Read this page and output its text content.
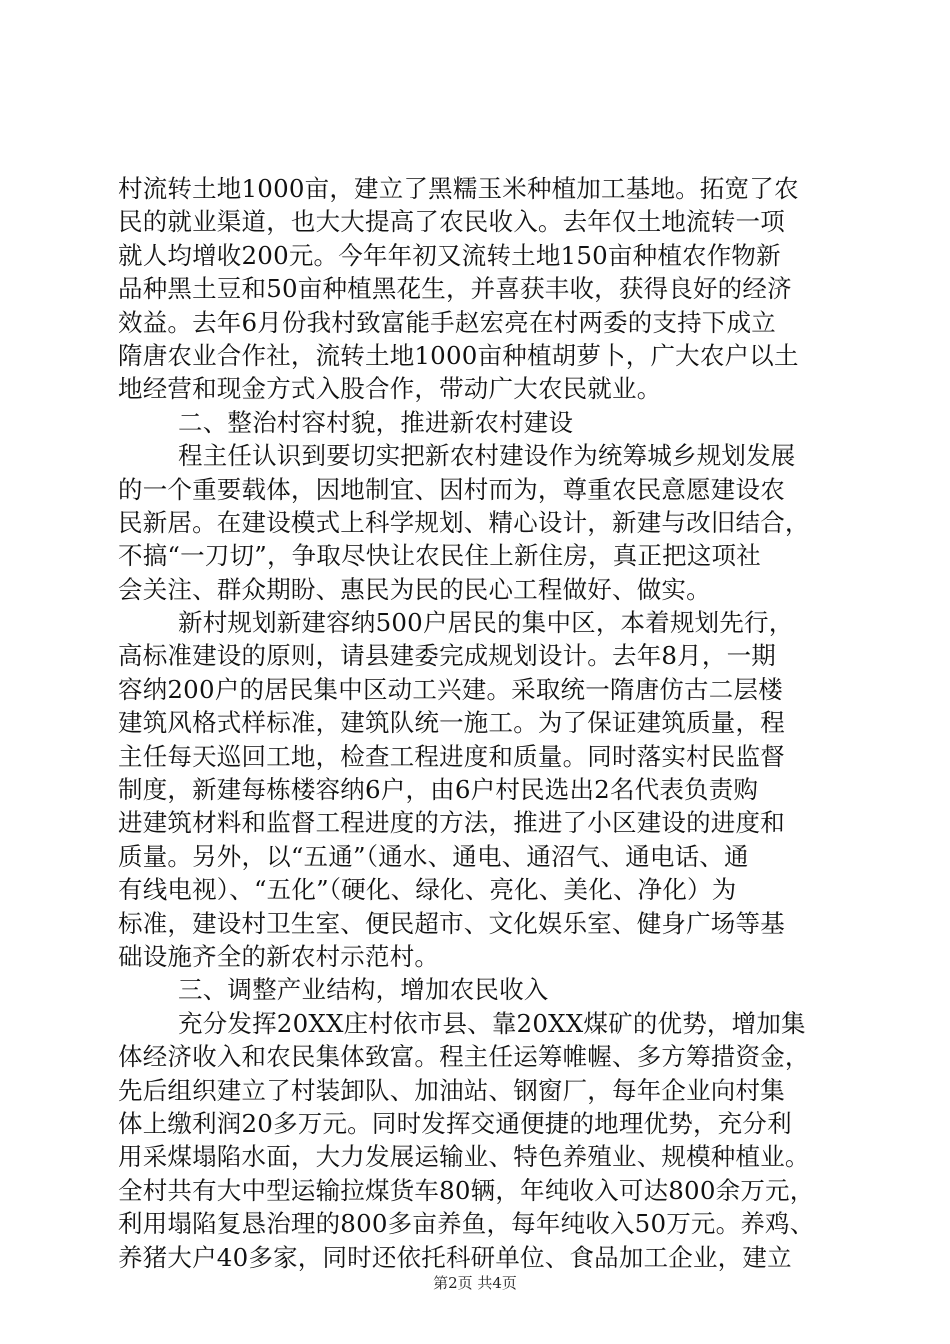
村流转土地1000亩，建立了黑糯玉米种植加工基地。拓宽了农
民的就业渠道，也大大提高了农民收入。去年仅土地流转一项
就人均增收200元。今年年初又流转土地150亩种植农作物新
品种黑土豆和50亩种植黑花生，并喜获丰收，获得良好的经济
效益。去年6月份我村致富能手赵宏亮在村两委的支持下成立
隋唐农业合作社，流转土地1000亩种植胡萝卜，广大农户以土
地经营和现金方式入股合作，带动广大农民就业。
二、整治村容村貌，推进新农村建设
程主任认识到要切实把新农村建设作为统筹城乡规划发展
的一个重要载体，因地制宜、因村而为，尊重农民意愿建设农
民新居。在建设模式上科学规划、精心设计，新建与改旧结合，
不搞“一刀切”，争取尽快让农民住上新住房，真正把这项社
会关注、群众期盼、惠民为民的民心工程做好、做实。
新村规划新建容纳500户居民的集中区，本着规划先行，
高标准建设的原则，请县建委完成规划设计。去年8月，一期
容纳200户的居民集中区动工兴建。采取统一隋唐仿古二层楼
建筑风格式样标准，建筑队统一施工。为了保证建筑质量，程
主任每天巡回工地，检查工程进度和质量。同时落实村民监督
制度，新建每栋楼容纳6户，由6户村民选出2名代表负责购
进建筑材料和监督工程进度的方法，推进了小区建设的进度和
质量。另外，以“五通”（通水、通电、通沼气、通电话、通
有线电视）、“五化”（硬化、绿化、亮化、美化、净化）为
标准，建设村卫生室、便民超市、文化娱乐室、健身广场等基
础设施齐全的新农村示范村。
三、调整产业结构，增加农民收入
充分发挥20XX庄村依市县、靠20XX煤矿的优势，增加集
体经济收入和农民集体致富。程主任运筹帷幄、多方筹措资金，
先后组织建立了村装卸队、加油站、钢窗厂，每年企业向村集
体上缴利润20多万元。同时发挥交通便捷的地理优势，充分利
用采煤塌陷水面，大力发展运输业、特色养殖业、规模种植业。
全村共有大中型运输拉煤货车80辆，年纯收入可达800余万元，
利用塌陷复恳治理的800多亩养鱼，每年纯收入50万元。养鸡、
养猪大户40多家，同时还依托科研单位、食品加工企业，建立
第2页 共4页
